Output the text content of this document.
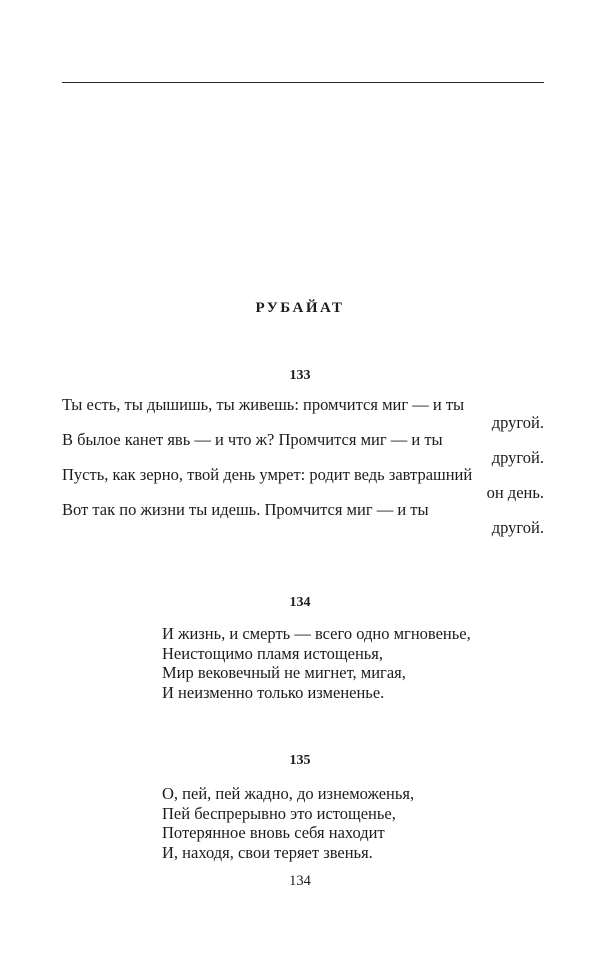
РУБАЙАТ
133
Ты есть, ты дышишь, ты живешь: промчится миг — и ты
другой.
В былое канет явь — и что ж? Промчится миг — и ты
другой.
Пусть, как зерно, твой день умрет: родит ведь завтрашний
он день.
Вот так по жизни ты идешь. Промчится миг — и ты
другой.
134
И жизнь, и смерть — всего одно мгновенье,
Неистощимо пламя истощенья,
Мир вековечный не мигнет, мигая,
И неизменно только измененье.
135
О, пей, пей жадно, до изнеможенья,
Пей беспрерывно это истощенье,
Потерянное вновь себя находит
И, находя, свои теряет звенья.
134
